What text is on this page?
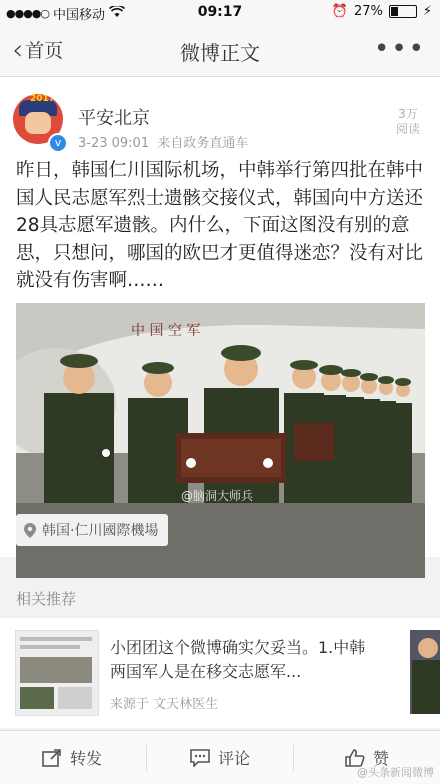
●●●●○ 中国移动	09:17	⏰ 27%	⚡
‹ 首页	微博正文	•••
2017
v
平安北京
3-23 09:01 来自政务直通车
3万
阅读
昨日，韩国仁川国际机场，中韩举行第四批在韩中国人民志愿军烈士遗骸交接仪式，韩国向中方送还28具志愿军遗骸。内什么，下面这图没有别的意思，只想问，哪国的欧巴才更值得迷恋？没有对比就没有伤害啊……
中 国 空 军
@脑洞大师兵
韩国·仁川國際機場
相关推荐
小团团这个微博确实欠妥当。1.中韩两国军人是在移交志愿军...
来源于 文天林医生
转发	评论	赞
@头条新闻微博
